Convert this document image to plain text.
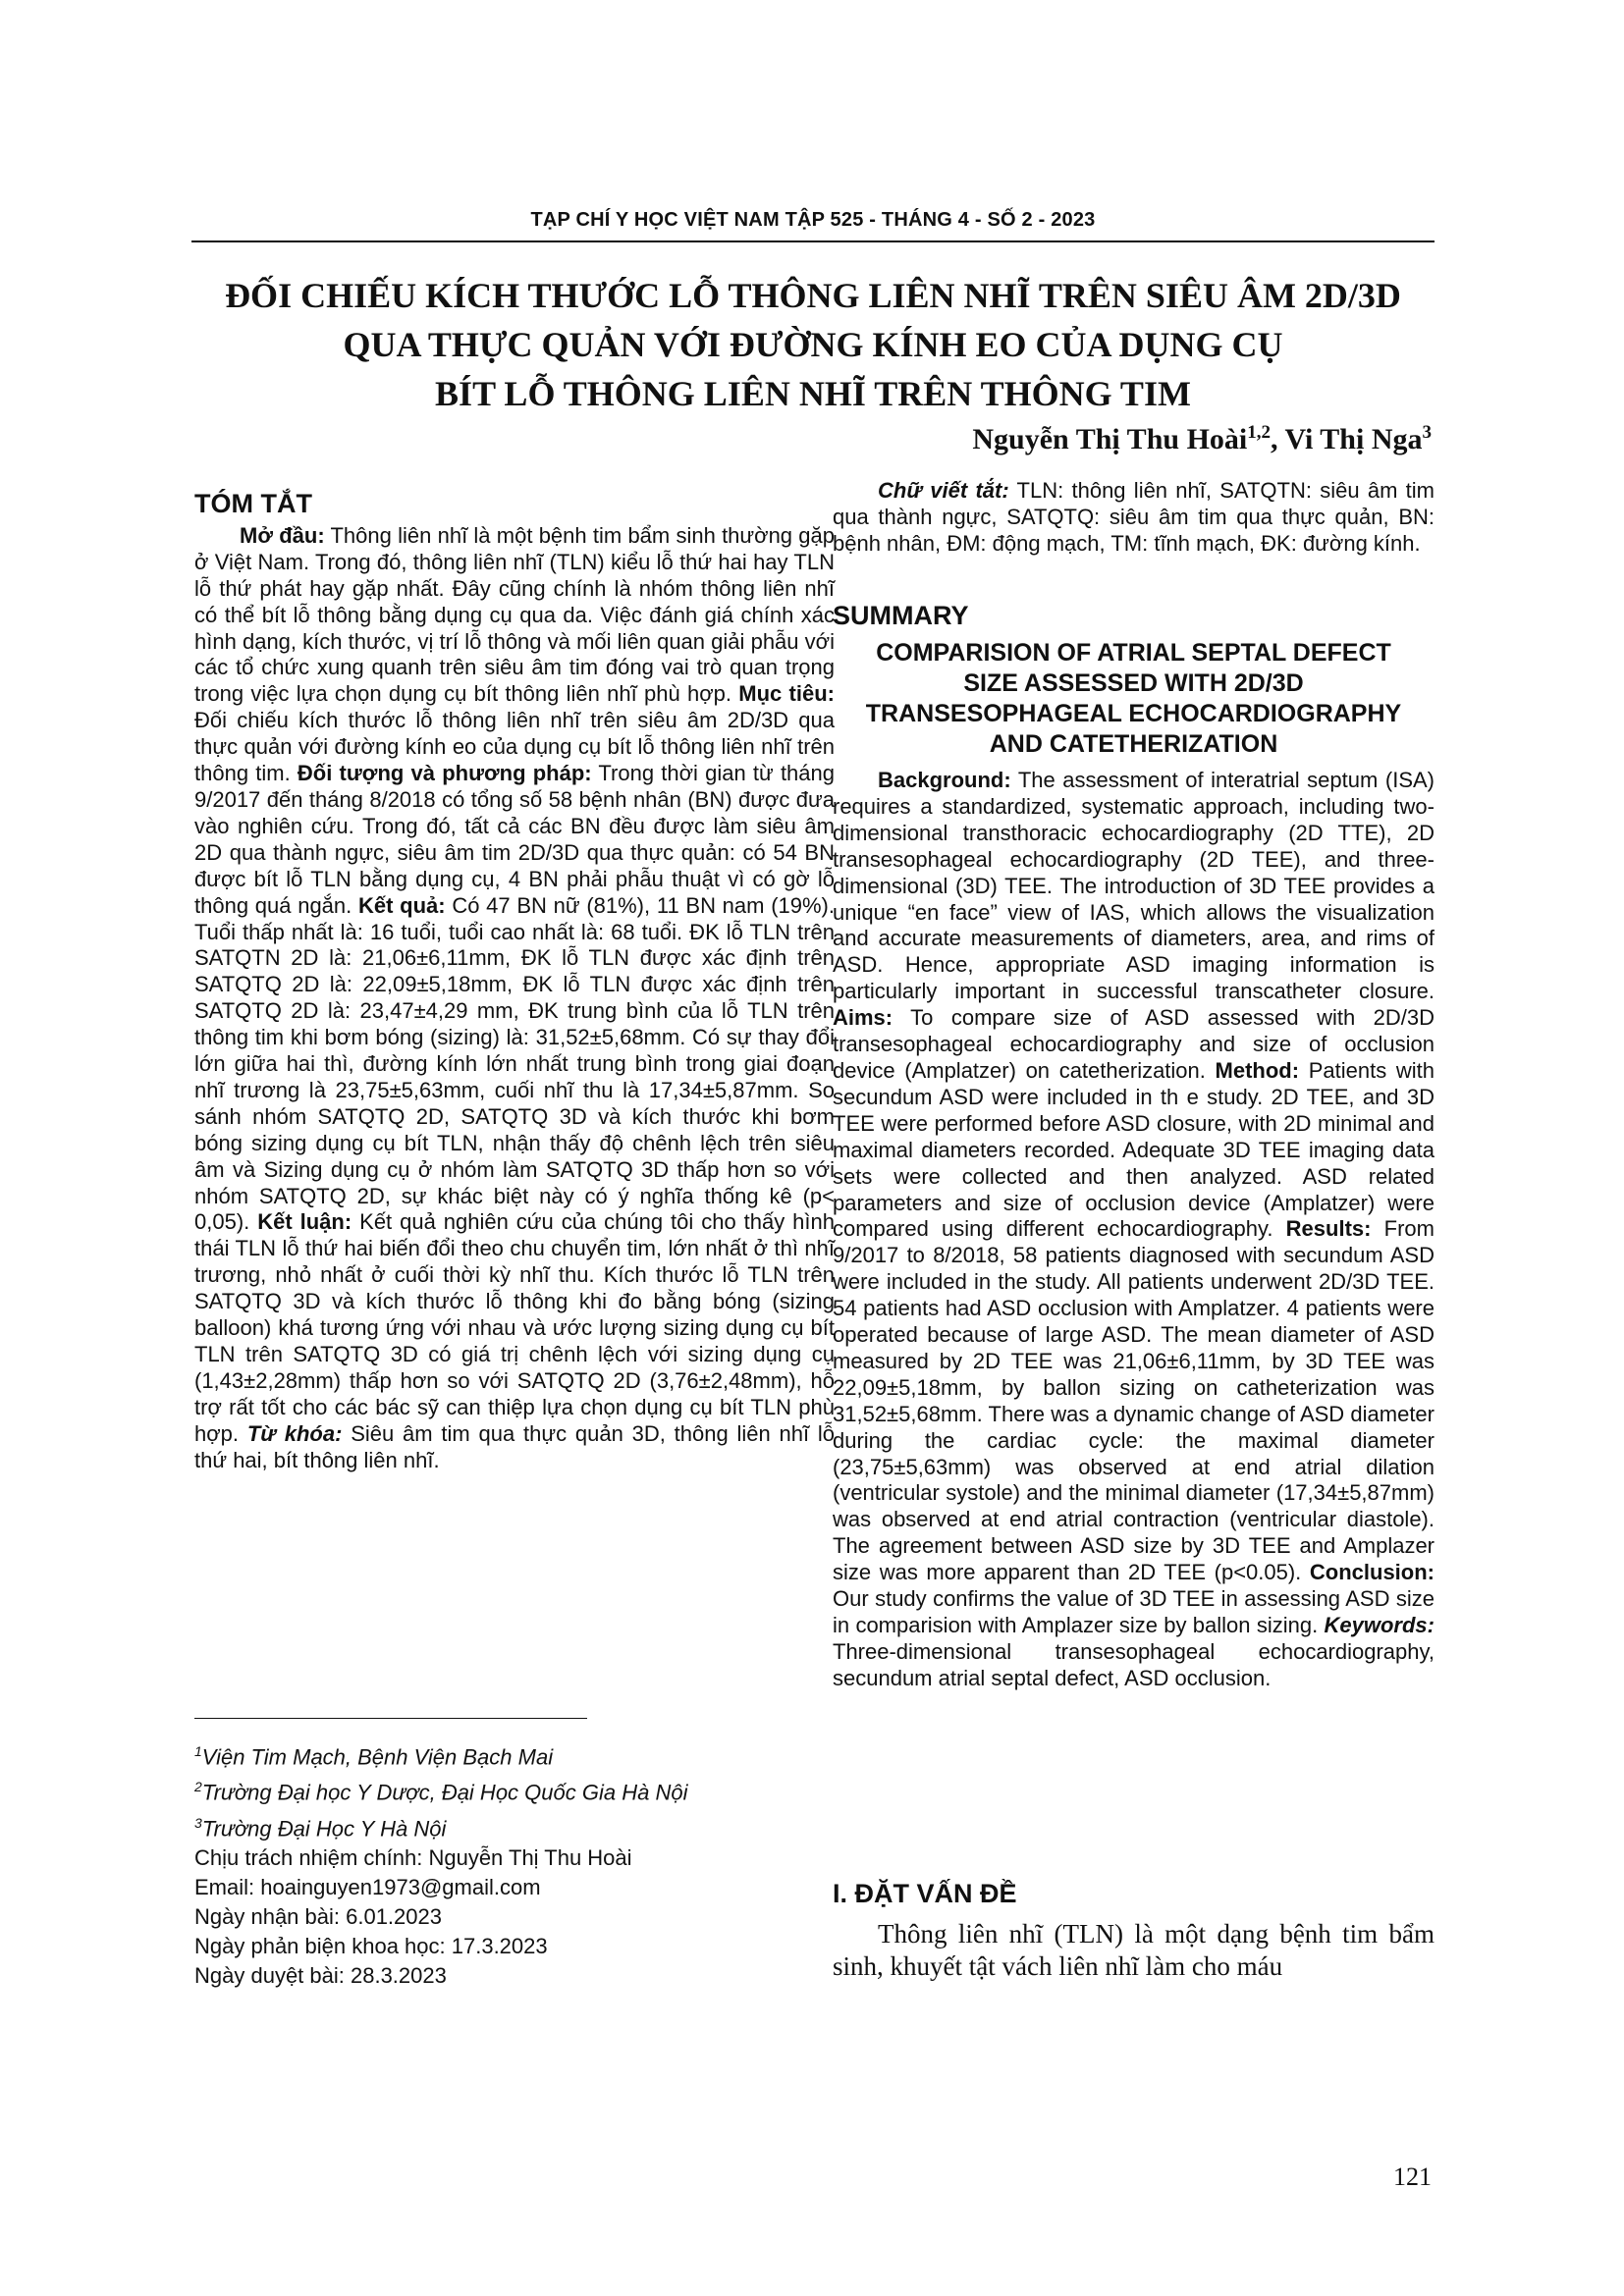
TẠP CHÍ Y HỌC VIỆT NAM TẬP 525 - THÁNG 4 - SỐ 2 - 2023
ĐỐI CHIẾU KÍCH THƯỚC LỖ THÔNG LIÊN NHĨ TRÊN SIÊU ÂM 2D/3D
QUA THỰC QUẢN VỚI ĐƯỜNG KÍNH EO CỦA DỤNG CỤ
BÍT LỖ THÔNG LIÊN NHĨ TRÊN THÔNG TIM
Nguyễn Thị Thu Hoài$^{1,2}$, Vi Thị Nga$^3$
TÓM TẮT

Mở đầu: Thông liên nhĩ là một bệnh tim bẩm sinh thường gặp ở Việt Nam. Trong đó, thông liên nhĩ (TLN) kiểu lỗ thứ hai hay TLN lỗ thứ phát hay gặp nhất. Đây cũng chính là nhóm thông liên nhĩ có thể bít lỗ thông bằng dụng cụ qua da. Việc đánh giá chính xác hình dạng, kích thước, vị trí lỗ thông và mối liên quan giải phẫu với các tổ chức xung quanh trên siêu âm tim đóng vai trò quan trọng trong việc lựa chọn dụng cụ bít thông liên nhĩ phù hợp. Mục tiêu: Đối chiếu kích thước lỗ thông liên nhĩ trên siêu âm 2D/3D qua thực quản với đường kính eo của dụng cụ bít lỗ thông liên nhĩ trên thông tim. Đối tượng và phương pháp: Trong thời gian từ tháng 9/2017 đến tháng 8/2018 có tổng số 58 bệnh nhân (BN) được đưa vào nghiên cứu. Trong đó, tất cả các BN đều được làm siêu âm 2D qua thành ngực, siêu âm tim 2D/3D qua thực quản: có 54 BN được bít lỗ TLN bằng dụng cụ, 4 BN phải phẫu thuật vì có gờ lỗ thông quá ngắn. Kết quả: Có 47 BN nữ (81%), 11 BN nam (19%). Tuổi thấp nhất là: 16 tuổi, tuổi cao nhất là: 68 tuổi. ĐK lỗ TLN trên SATQTN 2D là: 21,06±6,11mm, ĐK lỗ TLN được xác định trên SATQTQ 2D là: 22,09±5,18mm, ĐK lỗ TLN được xác định trên SATQTQ 2D là: 23,47±4,29 mm, ĐK trung bình của lỗ TLN trên thông tim khi bơm bóng (sizing) là: 31,52±5,68mm. Có sự thay đổi lớn giữa hai thì, đường kính lớn nhất trung bình trong giai đoạn nhĩ trương là 23,75±5,63mm, cuối nhĩ thu là 17,34±5,87mm. So sánh nhóm SATQTQ 2D, SATQTQ 3D và kích thước khi bơm bóng sizing dụng cụ bít TLN, nhận thấy độ chênh lệch trên siêu âm và Sizing dụng cụ ở nhóm làm SATQTQ 3D thấp hơn so với nhóm SATQTQ 2D, sự khác biệt này có ý nghĩa thống kê (p< 0,05). Kết luận: Kết quả nghiên cứu của chúng tôi cho thấy hình thái TLN lỗ thứ hai biến đổi theo chu chuyển tim, lớn nhất ở thì nhĩ trương, nhỏ nhất ở cuối thời kỳ nhĩ thu. Kích thước lỗ TLN trên SATQTQ 3D và kích thước lỗ thông khi đo bằng bóng (sizing balloon) khá tương ứng với nhau và ước lượng sizing dụng cụ bít TLN trên SATQTQ 3D có giá trị chênh lệch với sizing dụng cụ (1,43±2,28mm) thấp hơn so với SATQTQ 2D (3,76±2,48mm), hỗ trợ rất tốt cho các bác sỹ can thiệp lựa chọn dụng cụ bít TLN phù hợp. Từ khóa: Siêu âm tim qua thực quản 3D, thông liên nhĩ lỗ thứ hai, bít thông liên nhĩ.

$^1$Viện Tim Mạch, Bệnh Viện Bạch Mai
$^2$Trường Đại học Y Dược, Đại Học Quốc Gia Hà Nội
$^3$Trường Đại Học Y Hà Nội
Chịu trách nhiệm chính: Nguyễn Thị Thu Hoài
Email: hoainguyen1973@gmail.com
Ngày nhận bài: 6.01.2023
Ngày phản biện khoa học: 17.3.2023
Ngày duyệt bài: 28.3.2023

Chữ viết tắt: TLN: thông liên nhĩ, SATQTN: siêu âm tim qua thành ngực, SATQTQ: siêu âm tim qua thực quản, BN: bệnh nhân, ĐM: động mạch, TM: tĩnh mạch, ĐK: đường kính.

SUMMARY
COMPARISION OF ATRIAL SEPTAL DEFECT
SIZE ASSESSED WITH 2D/3D
TRANSESOPHAGEAL ECHOCARDIOGRAPHY
AND CATETHERIZATION

Background: The assessment of interatrial septum (ISA) requires a standardized, systematic approach, including two-dimensional transthoracic echocardiography (2D TTE), 2D transesophageal echocardiography (2D TEE), and three-dimensional (3D) TEE. The introduction of 3D TEE provides a unique “en face” view of IAS, which allows the visualization and accurate measurements of diameters, area, and rims of ASD. Hence, appropriate ASD imaging information is particularly important in successful transcatheter closure. Aims: To compare size of ASD assessed with 2D/3D transesophageal echocardiography and size of occlusion device (Amplatzer) on catetherization. Method: Patients with secundum ASD were included in th e study. 2D TEE, and 3D TEE were performed before ASD closure, with 2D minimal and maximal diameters recorded. Adequate 3D TEE imaging data sets were collected and then analyzed. ASD related parameters and size of occlusion device (Amplatzer) were compared using different echocardiography. Results: From 9/2017 to 8/2018, 58 patients diagnosed with secundum ASD were included in the study. All patients underwent 2D/3D TEE. 54 patients had ASD occlusion with Amplatzer. 4 patients were operated because of large ASD. The mean diameter of ASD measured by 2D TEE was 21,06±6,11mm, by 3D TEE was 22,09±5,18mm, by ballon sizing on catheterization was 31,52±5,68mm. There was a dynamic change of ASD diameter during the cardiac cycle: the maximal diameter (23,75±5,63mm) was observed at end atrial dilation (ventricular systole) and the minimal diameter (17,34±5,87mm) was observed at end atrial contraction (ventricular diastole). The agreement between ASD size by 3D TEE and Amplazer size was more apparent than 2D TEE (p<0.05). Conclusion: Our study confirms the value of 3D TEE in assessing ASD size in comparision with Amplazer size by ballon sizing. Keywords: Three-dimensional transesophageal echocardiography, secundum atrial septal defect, ASD occlusion.

I. ĐẶT VẤN ĐỀ

Thông liên nhĩ (TLN) là một dạng bệnh tim bẩm sinh, khuyết tật vách liên nhĩ làm cho máu

121
